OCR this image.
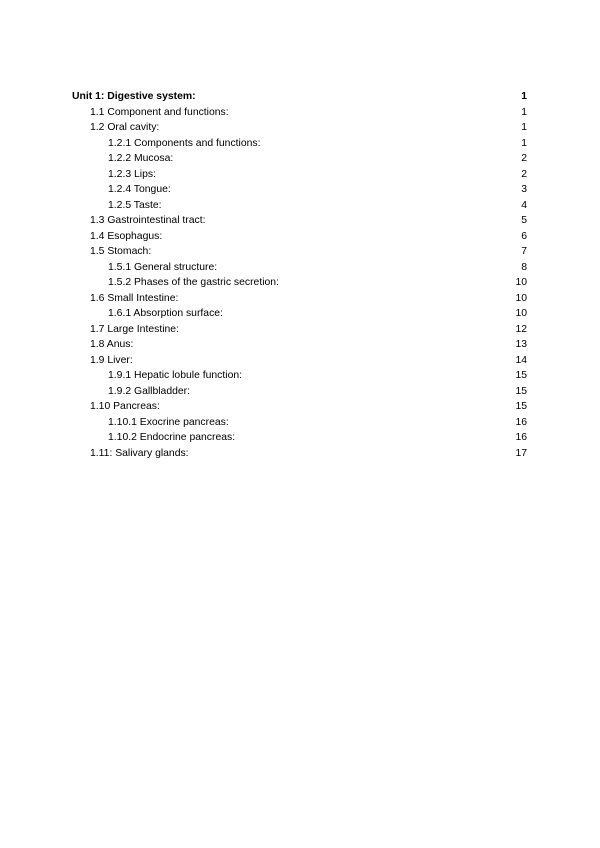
Unit 1: Digestive system:	1
1.1 Component and functions:	1
1.2 Oral cavity:	1
1.2.1 Components and functions:	1
1.2.2 Mucosa:	2
1.2.3 Lips:	2
1.2.4 Tongue:	3
1.2.5 Taste:	4
1.3 Gastrointestinal tract:	5
1.4 Esophagus:	6
1.5 Stomach:	7
1.5.1 General structure:	8
1.5.2 Phases of the gastric secretion:	10
1.6 Small Intestine:	10
1.6.1 Absorption surface:	10
1.7 Large Intestine:	12
1.8 Anus:	13
1.9 Liver:	14
1.9.1 Hepatic lobule function:	15
1.9.2 Gallbladder:	15
1.10 Pancreas:	15
1.10.1 Exocrine pancreas:	16
1.10.2 Endocrine pancreas:	16
1.11: Salivary glands:	17
